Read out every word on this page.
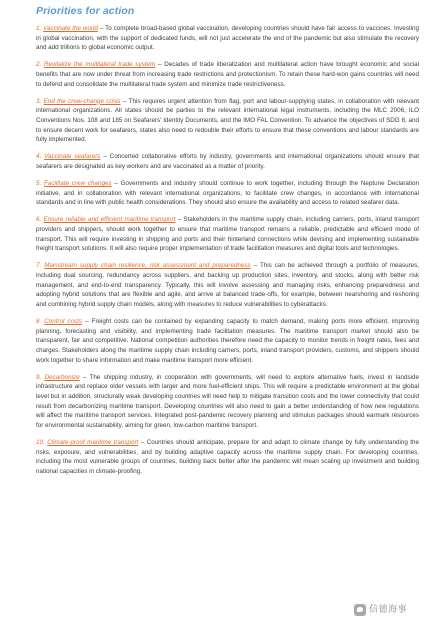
Priorities for action

1. Vaccinate the world – To complete broad-based global vaccination, developing countries should have fair access to vaccines. Investing in global vaccination, with the support of dedicated funds, will not just accelerate the end of the pandemic but also stimulate the recovery and add trillions to global economic output.

2. Revitalize the multilateral trade system – Decades of trade liberalization and multilateral action have brought economic and social benefits that are now under threat from increasing trade restrictions and protectionism. To retain these hard-won gains countries will need to defend and consolidate the multilateral trade system and minimize trade restrictiveness.

3. End the crew-change crisis – This requires urgent attention from flag, port and labour-supplying states, in collaboration with relevant international organizations. All states should be parties to the relevant international legal instruments, including the MLC 2006, ILO Conventions Nos. 108 and 185 on Seafarers' Identity Documents, and the IMO FAL Convention. To advance the objectives of SDG 8, and to ensure decent work for seafarers, states also need to redouble their efforts to ensure that these conventions and labour standards are fully implemented.

4. Vaccinate seafarers – Concerted collaborative efforts by industry, governments and international organizations should ensure that seafarers are designated as key workers and are vaccinated as a matter of priority.

5. Facilitate crew changes – Governments and industry should continue to work together, including through the Neptune Declaration initiative, and in collaboration with relevant international organizations, to facilitate crew changes, in accordance with international standards and in line with public health considerations. They should also ensure the availability and access to related seafarer data.

6. Ensure reliable and efficient maritime transport – Stakeholders in the maritime supply chain, including carriers, ports, inland transport providers and shippers, should work together to ensure that maritime transport remains a reliable, predictable and efficient mode of transport. This will require investing in shipping and ports and their hinterland connections while devising and implementing sustainable freight transport solutions. It will also require proper implementation of trade facilitation measures and digital tools and technologies.

7. Mainstream supply chain resilience, risk assessment and preparedness – This can be achieved through a portfolio of measures, including dual sourcing, redundancy across suppliers, and backing up production sites, inventory, and stocks, along with better risk management, and end-to-end transparency. Typically, this will involve assessing and managing risks, enhancing preparedness and adopting hybrid solutions that are flexible and agile, and arrive at balanced trade-offs, for example, between nearshoring and reshoring and combining hybrid supply chain models, along with measures to reduce vulnerabilities to cyberattacks.

8. Control costs – Freight costs can be contained by expanding capacity to match demand, making ports more efficient, improving planning, forecasting and visibility, and implementing trade facilitation measures. The maritime transport market should also be transparent, fair and competitive. National competition authorities therefore need the capacity to monitor trends in freight rates, fees and charges. Stakeholders along the maritime supply chain including carriers, ports, inland transport providers, customs, and shippers should work together to share information and make maritime transport more efficient.

9. Decarbonize – The shipping industry, in cooperation with governments, will need to explore alternative fuels, invest in landside infrastructure and replace older vessels with larger and more fuel-efficient ships. This will require a predictable environment at the global level but in addition, structurally weak developing countries will need help to mitigate transition costs and the lower connectivity that could result from decarbonizing maritime transport. Developing countries will also need to gain a better understanding of how new regulations will affect the maritime transport services. Integrated post-pandemic recovery planning and stimulus packages should earmark resources for environmental sustainability, aiming for green, low-carbon maritime transport.

10. Climate-proof maritime transport – Countries should anticipate, prepare for and adapt to climate change by fully understanding the risks, exposure, and vulnerabilities, and by building adaptive capacity across the maritime supply chain. For developing countries, including the most vulnerable groups of countries, building back better after the pandemic will mean scaling up investment and building national capacities in climate-proofing.

信德海事
